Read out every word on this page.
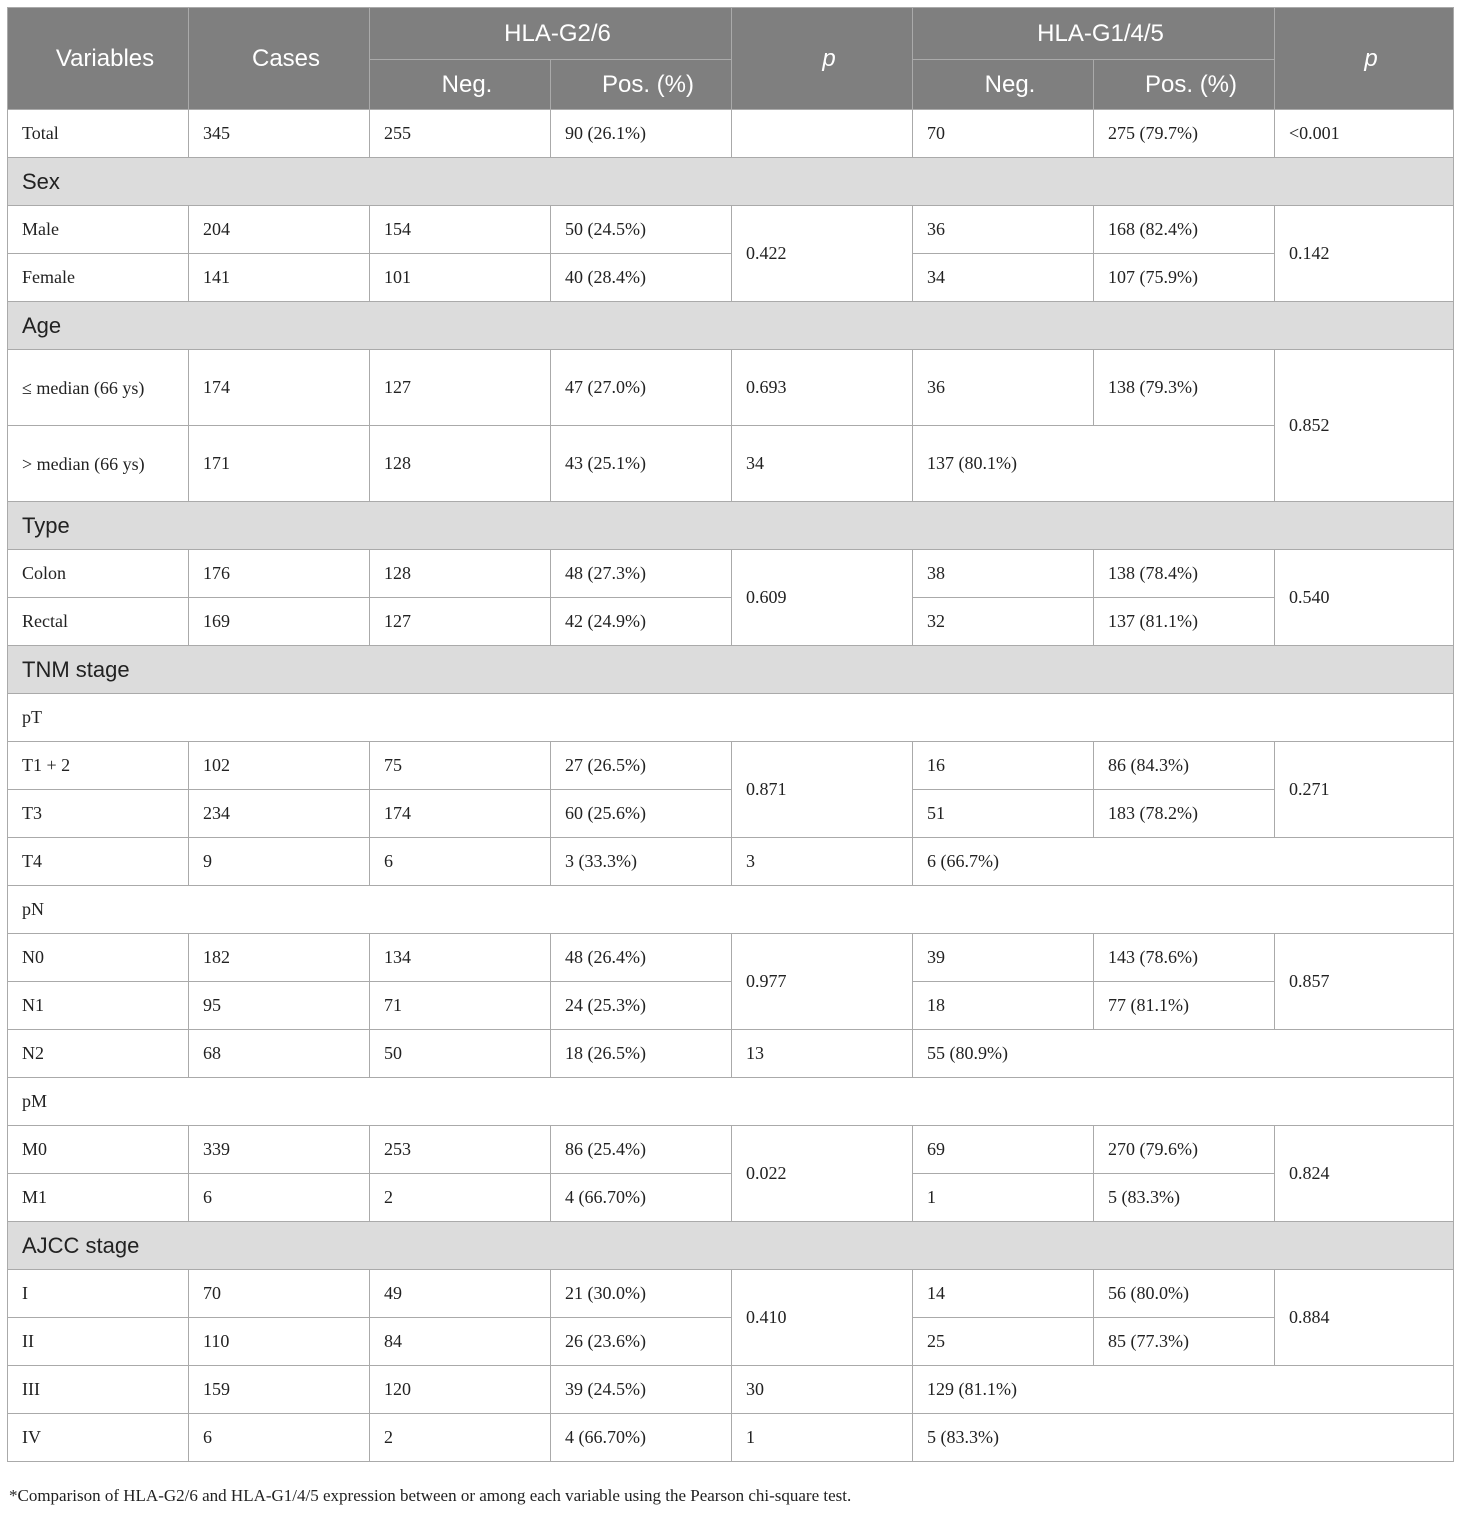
Variables	Cases	HLA-G2/6		p	HLA-G1/4/5		p
		Neg.	Pos. (%)		Neg.	Pos. (%)	
Total	345	255	90 (26.1%)		70	275 (79.7%)	<0.001
Sex							
Male	204	154	50 (24.5%)	0.422	36	168 (82.4%)	0.142
Female	141	101	40 (28.4%)		34	107 (75.9%)	
Age							
≤ median (66 ys)	174	127	47 (27.0%)	0.693	36	138 (79.3%)	0.852
> median (66 ys)	171	128	43 (25.1%)	34	137 (80.1%)		
Type							
Colon	176	128	48 (27.3%)	0.609	38	138 (78.4%)	0.540
Rectal	169	127	42 (24.9%)		32	137 (81.1%)	
TNM stage							
pT							
T1 + 2	102	75	27 (26.5%)	0.871	16	86 (84.3%)	0.271
T3	234	174	60 (25.6%)		51	183 (78.2%)	
T4	9	6	3 (33.3%)	3	6 (66.7%)		
pN							
N0	182	134	48 (26.4%)	0.977	39	143 (78.6%)	0.857
N1	95	71	24 (25.3%)		18	77 (81.1%)	
N2	68	50	18 (26.5%)	13	55 (80.9%)		
pM							
M0	339	253	86 (25.4%)	0.022	69	270 (79.6%)	0.824
M1	6	2	4 (66.70%)		1	5 (83.3%)	
AJCC stage							
I	70	49	21 (30.0%)	0.410	14	56 (80.0%)	0.884
II	110	84	26 (23.6%)		25	85 (77.3%)	
III	159	120	39 (24.5%)	30	129 (81.1%)		
IV	6	2	4 (66.70%)	1	5 (83.3%)		
*Comparison of HLA-G2/6 and HLA-G1/4/5 expression between or among each variable using the Pearson chi-square test.
